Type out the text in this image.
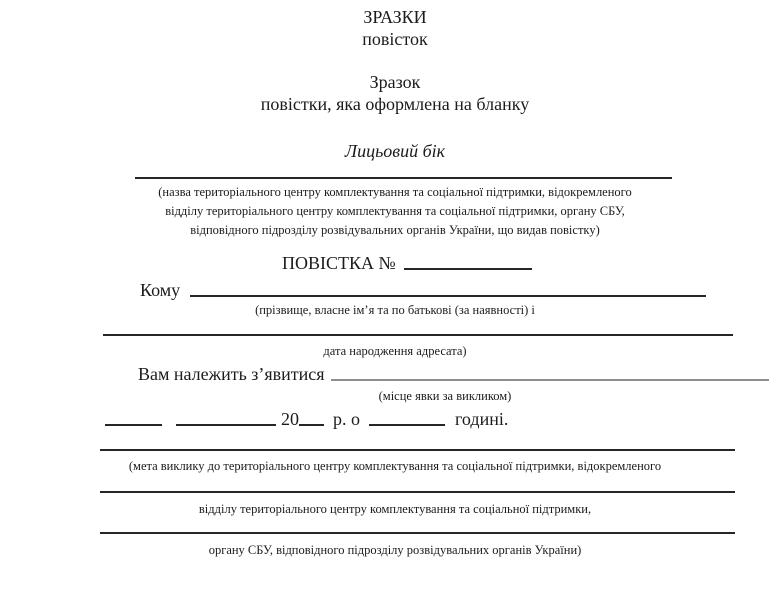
ЗРАЗКИ
повісток
Зразок
повістки, яка оформлена на бланку
Лицьовий бік
(назва територіального центру комплектування та соціальної підтримки, відокремленого
відділу територіального центру комплектування та соціальної підтримки, органу СБУ,
відповідного підрозділу розвідувальних органів України, що видав повістку)
ПОВІСТКА №
Кому
(прізвище, власне ім’я та по батькові (за наявності) і
дата народження адресата)
Вам належить з’явитися
(місце явки за викликом)
20 р. о	годині.
(мета виклику до територіального центру комплектування та соціальної підтримки, відокремленого
відділу територіального центру комплектування та соціальної підтримки,
органу СБУ, відповідного підрозділу розвідувальних органів України)
